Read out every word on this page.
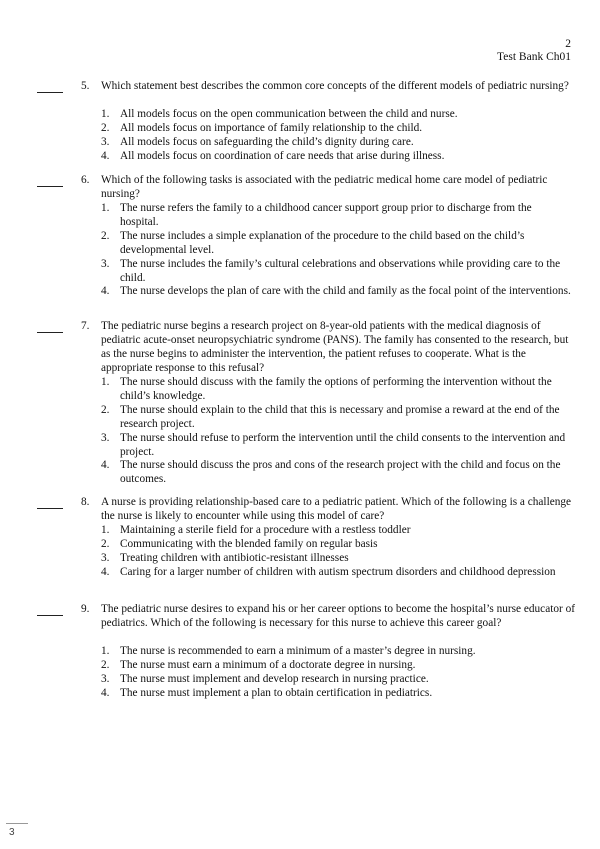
2
Test Bank Ch01
5. Which statement best describes the common core concepts of the different models of pediatric nursing?
1. All models focus on the open communication between the child and nurse.
2. All models focus on importance of family relationship to the child.
3. All models focus on safeguarding the child’s dignity during care.
4. All models focus on coordination of care needs that arise during illness.
6. Which of the following tasks is associated with the pediatric medical home care model of pediatric nursing?
1. The nurse refers the family to a childhood cancer support group prior to discharge from the hospital.
2. The nurse includes a simple explanation of the procedure to the child based on the child’s developmental level.
3. The nurse includes the family’s cultural celebrations and observations while providing care to the child.
4. The nurse develops the plan of care with the child and family as the focal point of the interventions.
7. The pediatric nurse begins a research project on 8-year-old patients with the medical diagnosis of pediatric acute-onset neuropsychiatric syndrome (PANS). The family has consented to the research, but as the nurse begins to administer the intervention, the patient refuses to cooperate. What is the appropriate response to this refusal?
1. The nurse should discuss with the family the options of performing the intervention without the child’s knowledge.
2. The nurse should explain to the child that this is necessary and promise a reward at the end of the research project.
3. The nurse should refuse to perform the intervention until the child consents to the intervention and project.
4. The nurse should discuss the pros and cons of the research project with the child and focus on the outcomes.
8. A nurse is providing relationship-based care to a pediatric patient. Which of the following is a challenge the nurse is likely to encounter while using this model of care?
1. Maintaining a sterile field for a procedure with a restless toddler
2. Communicating with the blended family on regular basis
3. Treating children with antibiotic-resistant illnesses
4. Caring for a larger number of children with autism spectrum disorders and childhood depression
9. The pediatric nurse desires to expand his or her career options to become the hospital’s nurse educator of pediatrics. Which of the following is necessary for this nurse to achieve this career goal?
1. The nurse is recommended to earn a minimum of a master’s degree in nursing.
2. The nurse must earn a minimum of a doctorate degree in nursing.
3. The nurse must implement and develop research in nursing practice.
4. The nurse must implement a plan to obtain certification in pediatrics.
3
